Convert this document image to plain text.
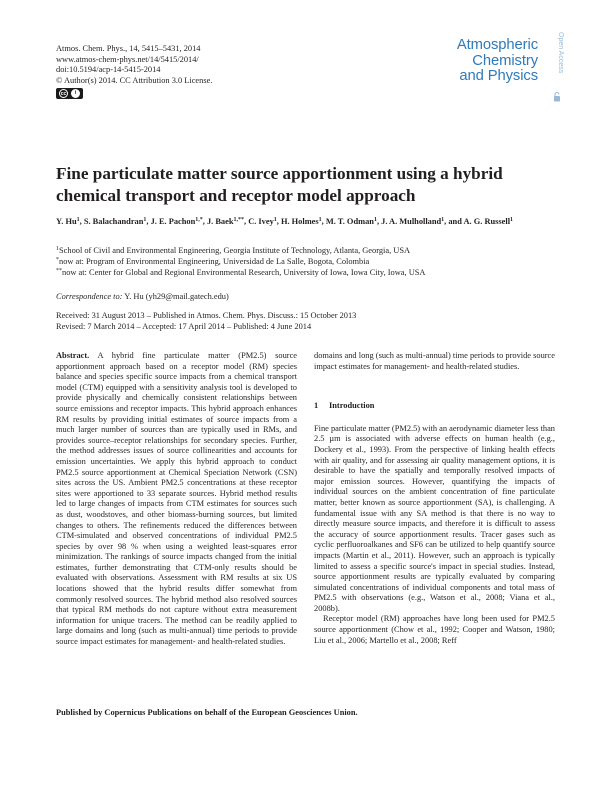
Atmos. Chem. Phys., 14, 5415–5431, 2014
www.atmos-chem-phys.net/14/5415/2014/
doi:10.5194/acp-14-5415-2014
© Author(s) 2014. CC Attribution 3.0 License.
cc	i
Atmospheric
Chemistry
and Physics
Open Access
Fine particulate matter source apportionment using a hybrid chemical transport and receptor model approach
Y. Hu$^1$, S. Balachandran$^1$, J. E. Pachon$^{1,*}$, J. Baek$^{1,**}$, C. Ivey$^1$, H. Holmes$^1$, M. T. Odman$^1$, J. A. Mulholland$^1$, and A. G. Russell$^1$
$^1$School of Civil and Environmental Engineering, Georgia Institute of Technology, Atlanta, Georgia, USA
*now at: Program of Environmental Engineering, Universidad de La Salle, Bogota, Colombia
**now at: Center for Global and Regional Environmental Research, University of Iowa, Iowa City, Iowa, USA
Correspondence to: Y. Hu (yh29@mail.gatech.edu)
Received: 31 August 2013 – Published in Atmos. Chem. Phys. Discuss.: 15 October 2013
Revised: 7 March 2014 – Accepted: 17 April 2014 – Published: 4 June 2014

Abstract. A hybrid fine particulate matter (PM2.5) source apportionment approach based on a receptor model (RM) species balance and species specific source impacts from a chemical transport model (CTM) equipped with a sensitivity analysis tool is developed to provide physically and chemically consistent relationships between source emissions and receptor impacts. This hybrid approach enhances RM results by providing initial estimates of source impacts from a much larger number of sources than are typically used in RMs, and provides source–receptor relationships for secondary species. Further, the method addresses issues of source collinearities and accounts for emission uncertainties. We apply this hybrid approach to conduct PM2.5 source apportionment at Chemical Speciation Network (CSN) sites across the US. Ambient PM2.5 concentrations at these receptor sites were apportioned to 33 separate sources. Hybrid method results led to large changes of impacts from CTM estimates for sources such as dust, woodstoves, and other biomass-burning sources, but limited changes to others. The refinements reduced the differences between CTM-simulated and observed concentrations of individual PM2.5 species by over 98 % when using a weighted least-squares error minimization. The rankings of source impacts changed from the initial estimates, further demonstrating that CTM-only results should be evaluated with observations. Assessment with RM results at six US locations showed that the hybrid results differ somewhat from commonly resolved sources. The hybrid method also resolved sources that typical RM methods do not capture without extra measurement information for unique tracers. The method can be readily applied to large domains and long (such as multi-annual) time periods to provide source impact estimates for management- and health-related studies.

domains and long (such as multi-annual) time periods to provide source impact estimates for management- and health-related studies.

1 Introduction

Fine particulate matter (PM2.5) with an aerodynamic diameter less than 2.5 µm is associated with adverse effects on human health (e.g., Dockery et al., 1993). From the perspective of linking health effects with air quality, and for assessing air quality management options, it is desirable to have the spatially and temporally resolved impacts of major emission sources. However, quantifying the impacts of individual sources on the ambient concentration of fine particulate matter, better known as source apportionment (SA), is challenging. A fundamental issue with any SA method is that there is no way to directly measure source impacts, and therefore it is difficult to assess the accuracy of source apportionment results. Tracer gases such as cyclic perfluoroalkanes and SF6 can be utilized to help quantify source impacts (Martin et al., 2011). However, such an approach is typically limited to assess a specific source's impact in special studies. Instead, source apportionment results are typically evaluated by comparing simulated concentrations of individual components and total mass of PM2.5 with observations (e.g., Watson et al., 2008; Viana et al., 2008b).

Receptor model (RM) approaches have long been used for PM2.5 source apportionment (Chow et al., 1992; Cooper and Watson, 1980; Liu et al., 2006; Martello et al., 2008; Reff

Published by Copernicus Publications on behalf of the European Geosciences Union.
